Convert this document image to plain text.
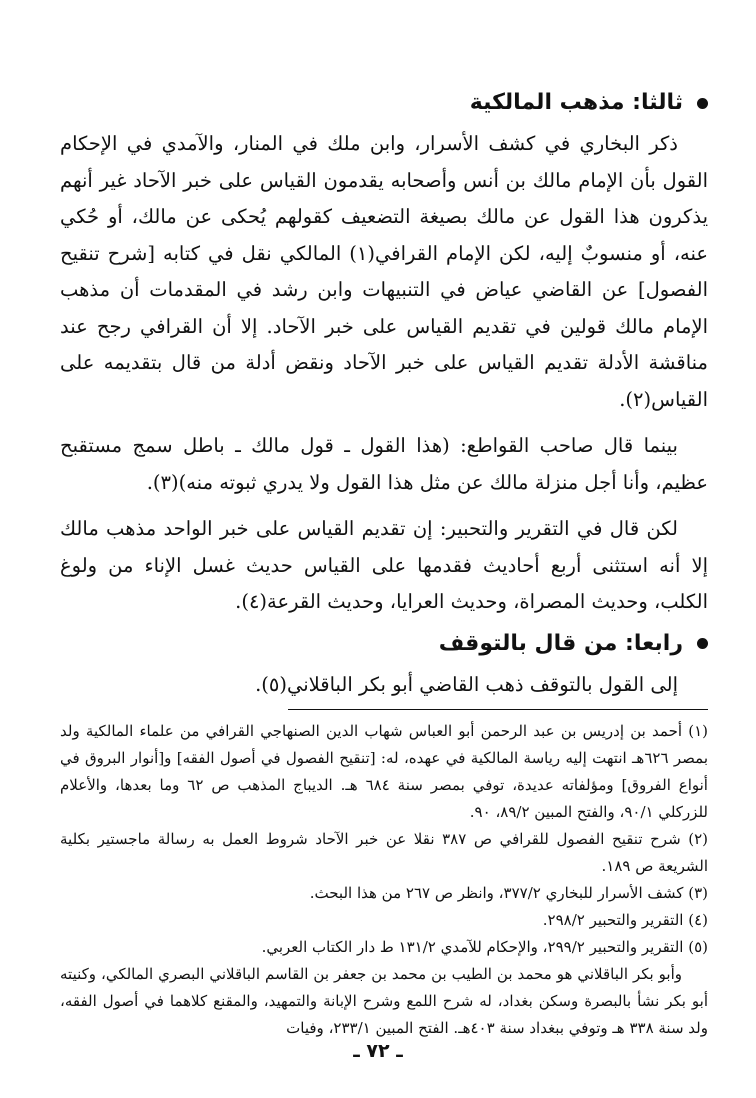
ثالثا: مذهب المالكية

ذكر البخاري في كشف الأسرار، وابن ملك في المنار، والآمدي في الإحكام القول بأن الإمام مالك بن أنس وأصحابه يقدمون القياس على خبر الآحاد غير أنهم يذكرون هذا القول عن مالك بصيغة التضعيف كقولهم يُحكى عن مالك، أو حُكي عنه، أو منسوبٌ إليه، لكن الإمام القرافي(١) المالكي نقل في كتابه [شرح تنقيح الفصول] عن القاضي عياض في التنبيهات وابن رشد في المقدمات أن مذهب الإمام مالك قولين في تقديم القياس على خبر الآحاد. إلا أن القرافي رجح عند مناقشة الأدلة تقديم القياس على خبر الآحاد ونقض أدلة من قال بتقديمه على القياس(٢).

بينما قال صاحب القواطع: (هذا القول ـ قول مالك ـ باطل سمج مستقبح عظيم، وأنا أجل منزلة مالك عن مثل هذا القول ولا يدري ثبوته منه)(٣).

لكن قال في التقرير والتحبير: إن تقديم القياس على خبر الواحد مذهب مالك إلا أنه استثنى أربع أحاديث فقدمها على القياس حديث غسل الإناء من ولوغ الكلب، وحديث المصراة، وحديث العرايا، وحديث القرعة(٤).

رابعا: من قال بالتوقف

إلى القول بالتوقف ذهب القاضي أبو بكر الباقلاني(٥).

(١) أحمد بن إدريس بن عبد الرحمن أبو العباس شهاب الدين الصنهاجي القرافي من علماء المالكية ولد بمصر ٦٢٦هـ انتهت إليه رياسة المالكية في عهده، له: [تنقيح الفصول في أصول الفقه] و[أنوار البروق في أنواع الفروق] ومؤلفاته عديدة، توفي بمصر سنة ٦٨٤ هـ. الديباج المذهب ص ٦٢ وما بعدها، والأعلام للزركلي ٩٠/١، والفتح المبين ٨٩/٢، ٩٠.

(٢) شرح تنقيح الفصول للقرافي ص ٣٨٧ نقلا عن خبر الآحاد شروط العمل به رسالة ماجستير بكلية الشريعة ص ١٨٩.

(٣) كشف الأسرار للبخاري ٣٧٧/٢، وانظر ص ٢٦٧ من هذا البحث.

(٤) التقرير والتحبير ٢٩٨/٢.

(٥) التقرير والتحبير ٢٩٩/٢، والإحكام للآمدي ١٣١/٢ ط دار الكتاب العربي.

وأبو بكر الباقلاني هو محمد بن الطيب بن محمد بن جعفر بن القاسم الباقلاني البصري المالكي، وكنيته أبو بكر نشأ بالبصرة وسكن بغداد، له شرح اللمع وشرح الإبانة والتمهيد، والمقنع كلاهما في أصول الفقه، ولد سنة ٣٣٨ هـ وتوفي ببغداد سنة ٤٠٣هـ. الفتح المبين ٢٣٣/١، وفيات

ـ ٧٢ ـ
